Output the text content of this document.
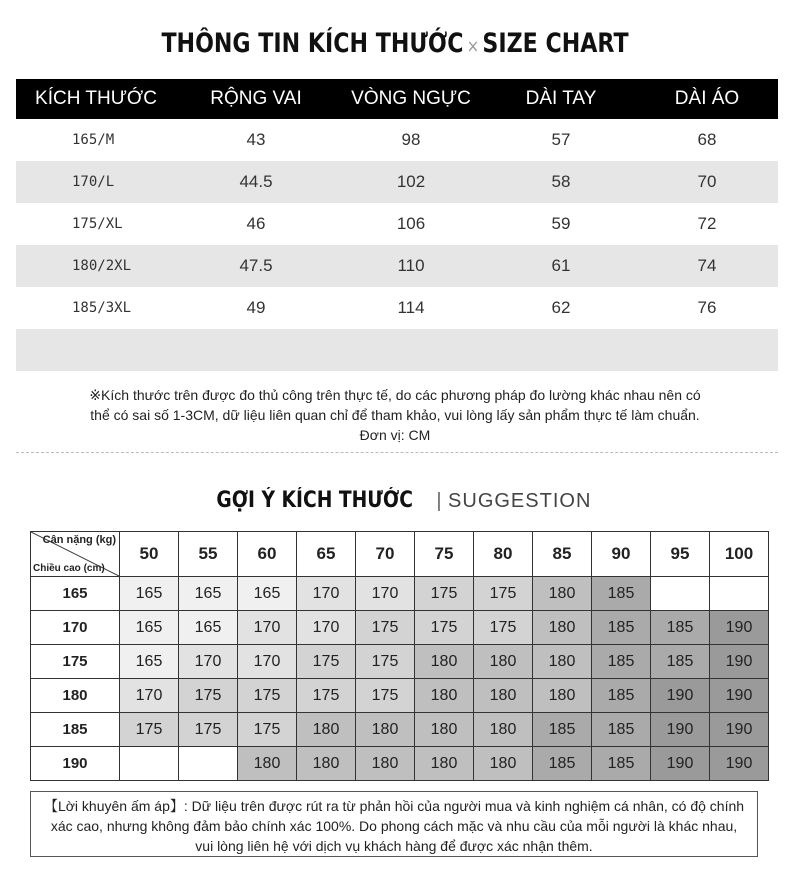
THÔNG TIN KÍCH THƯỚC × SIZE CHART
KÍCH THƯỚC	RỘNG VAI	VÒNG NGỰC	DÀI TAY	DÀI ÁO
165/M	43	98	57	68
170/L	44.5	102	58	70
175/XL	46	106	59	72
180/2XL	47.5	110	61	74
185/3XL	49	114	62	76
※Kích thước trên được đo thủ công trên thực tế, do các phương pháp đo lường khác nhau nên có thể có sai số 1-3CM, dữ liệu liên quan chỉ để tham khảo, vui lòng lấy sản phẩm thực tế làm chuẩn. Đơn vị: CM
GỢI Ý KÍCH THƯỚC | SUGGESTION
Cân nặng (kg)
Chiều cao (cm)	50	55	60	65	70	75	80	85	90	95	100
165	165	165	165	170	170	175	175	180	185		
170	165	165	170	170	175	175	175	180	185	185	190
175	165	170	170	175	175	180	180	180	185	185	190
180	170	175	175	175	175	180	180	180	185	190	190
185	175	175	175	180	180	180	180	185	185	190	190
190			180	180	180	180	180	185	185	190	190
【Lời khuyên ấm áp】: Dữ liệu trên được rút ra từ phản hồi của người mua và kinh nghiệm cá nhân, có độ chính xác cao, nhưng không đảm bảo chính xác 100%. Do phong cách mặc và nhu cầu của mỗi người là khác nhau, vui lòng liên hệ với dịch vụ khách hàng để được xác nhận thêm.
